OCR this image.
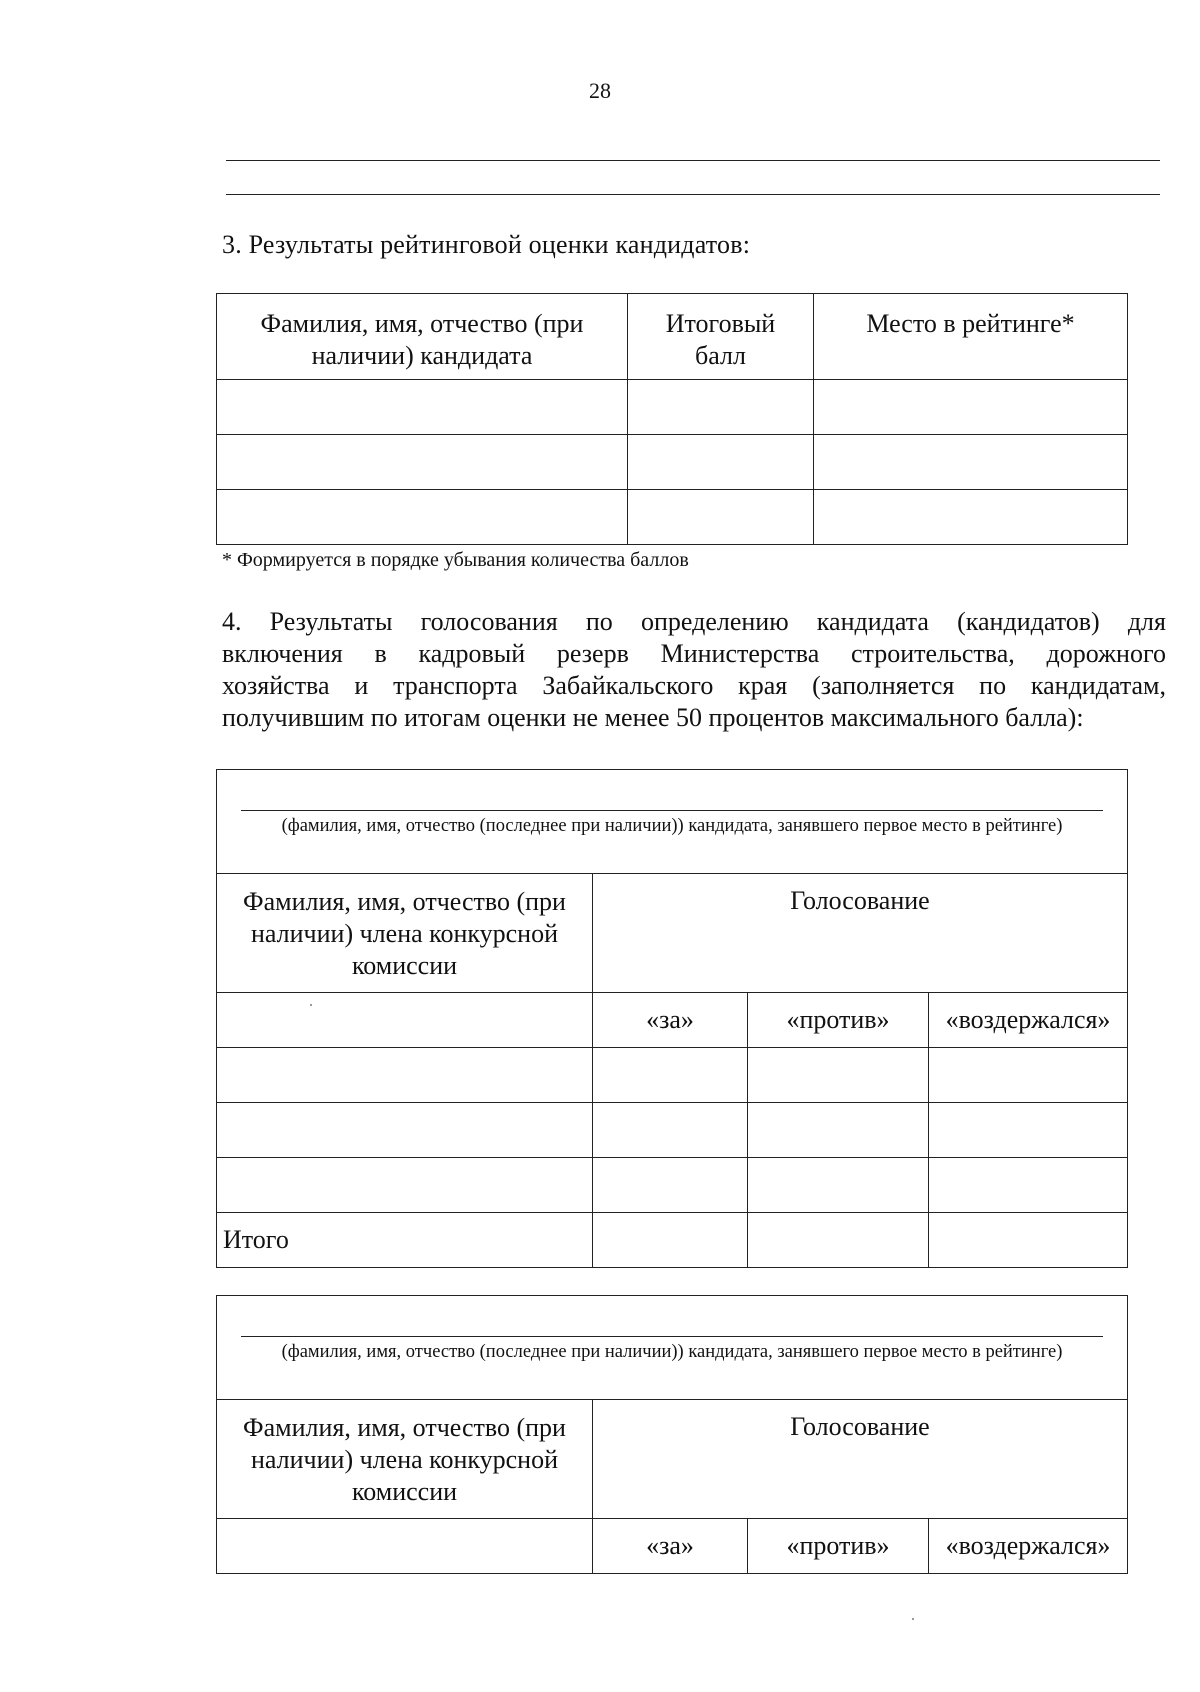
28
3. Результаты рейтинговой оценки кандидатов:
Фамилия, имя, отчество (при наличии) кандидата	Итоговый балл	Место в рейтинге*

* Формируется в порядке убывания количества баллов
4. Результаты голосования по определению кандидата (кандидатов) для
включения в кадровый резерв Министерства строительства, дорожного
хозяйства и транспорта Забайкальского края (заполняется по кандидатам,
получившим по итогам оценки не менее 50 процентов максимального балла):
(фамилия, имя, отчество (последнее при наличии)) кандидата, занявшего первое место в рейтинге)			

Фамилия, имя, отчество (при наличии) члена конкурсной комиссии	Голосование		
	«за»	«против»	«воздержался»

Итого			
(фамилия, имя, отчество (последнее при наличии)) кандидата, занявшего первое место в рейтинге)			

Фамилия, имя, отчество (при наличии) члена конкурсной комиссии	Голосование		
	«за»	«против»	«воздержался»
